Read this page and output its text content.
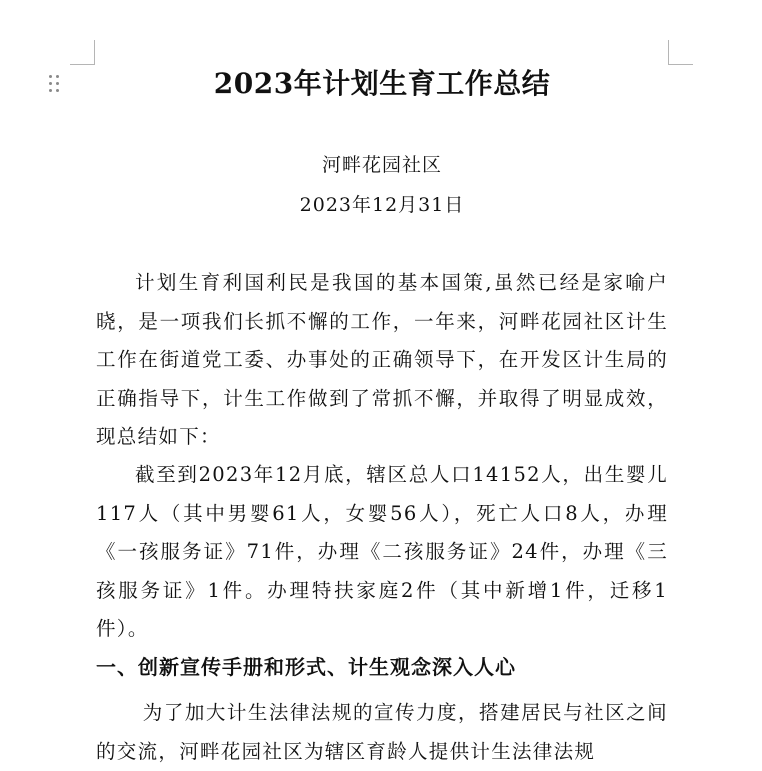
2023年计划生育工作总结
河畔花园社区
2023年12月31日

计划生育利国利民是我国的基本国策,虽然已经是家喻户晓，是一项我们长抓不懈的工作，一年来，河畔花园社区计生工作在街道党工委、办事处的正确领导下，在开发区计生局的正确指导下，计生工作做到了常抓不懈，并取得了明显成效，现总结如下：

截至到2023年12月底，辖区总人口14152人，出生婴儿117人（其中男婴61人，女婴56人），死亡人口8人，办理《一孩服务证》71件，办理《二孩服务证》24件，办理《三孩服务证》1件。办理特扶家庭2件（其中新增1件，迁移1件）。

一、创新宣传手册和形式、计生观念深入人心

为了加大计生法律法规的宣传力度，搭建居民与社区之间的交流，河畔花园社区为辖区育龄人提供计生法律法规
